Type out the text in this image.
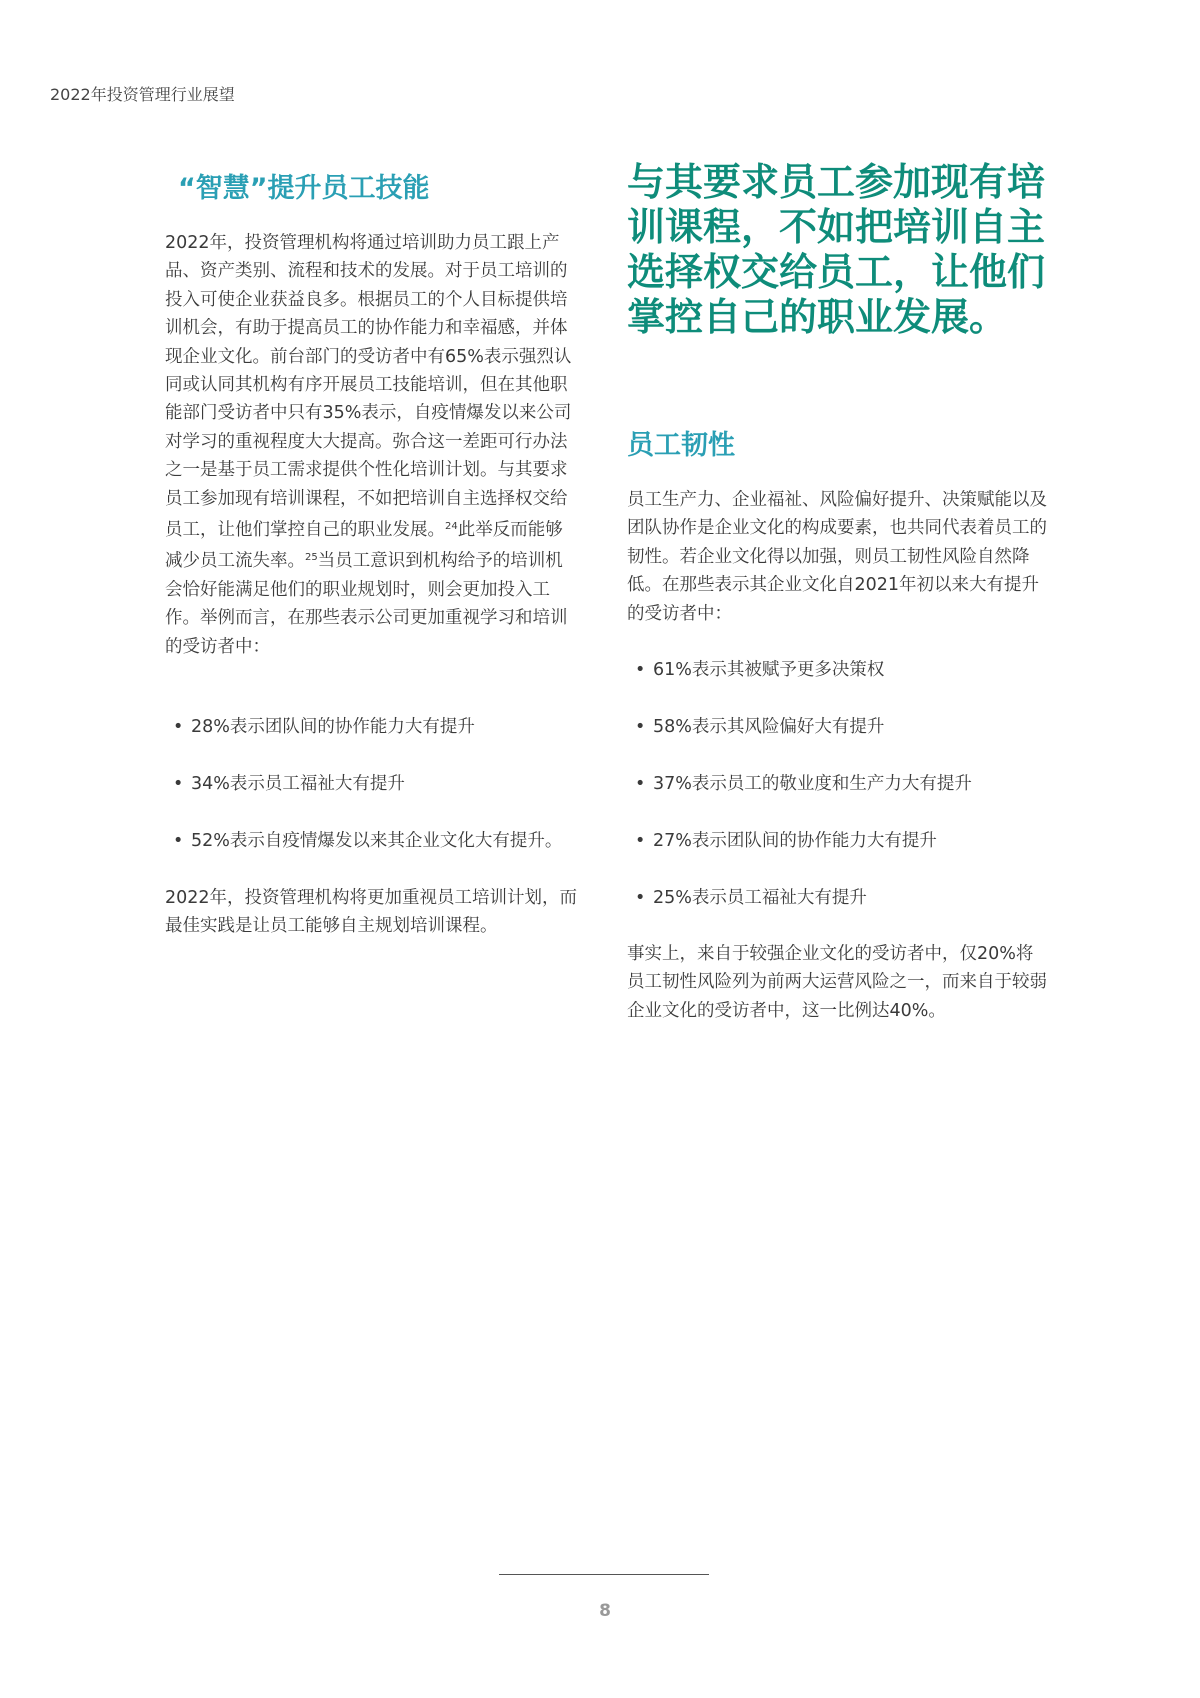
2022年投资管理行业展望
“智慧”提升员工技能
2022年，投资管理机构将通过培训助力员工跟上产品、资产类别、流程和技术的发展。对于员工培训的投入可使企业获益良多。根据员工的个人目标提供培训机会，有助于提高员工的协作能力和幸福感，并体现企业文化。前台部门的受访者中有65%表示强烈认同或认同其机构有序开展员工技能培训，但在其他职能部门受访者中只有35%表示，自疫情爆发以来公司对学习的重视程度大大提高。弥合这一差距可行办法之一是基于员工需求提供个性化培训计划。与其要求员工参加现有培训课程，不如把培训自主选择权交给员工，让他们掌控自己的职业发展。$^{24}$此举反而能够减少员工流失率。$^{25}$当员工意识到机构给予的培训机会恰好能满足他们的职业规划时，则会更加投入工作。举例而言，在那些表示公司更加重视学习和培训的受访者中：
• 28%表示团队间的协作能力大有提升
• 34%表示员工福祉大有提升
• 52%表示自疫情爆发以来其企业文化大有提升。
2022年，投资管理机构将更加重视员工培训计划，而最佳实践是让员工能够自主规划培训课程。
与其要求员工参加现有培训课程，不如把培训自主选择权交给员工，让他们掌控自己的职业发展。
员工韧性
员工生产力、企业福祉、风险偏好提升、决策赋能以及团队协作是企业文化的构成要素，也共同代表着员工的韧性。若企业文化得以加强，则员工韧性风险自然降低。在那些表示其企业文化自2021年初以来大有提升的受访者中：
• 61%表示其被赋予更多决策权
• 58%表示其风险偏好大有提升
• 37%表示员工的敬业度和生产力大有提升
• 27%表示团队间的协作能力大有提升
• 25%表示员工福祉大有提升
事实上，来自于较强企业文化的受访者中，仅20%将员工韧性风险列为前两大运营风险之一，而来自于较弱企业文化的受访者中，这一比例达40%。
8
